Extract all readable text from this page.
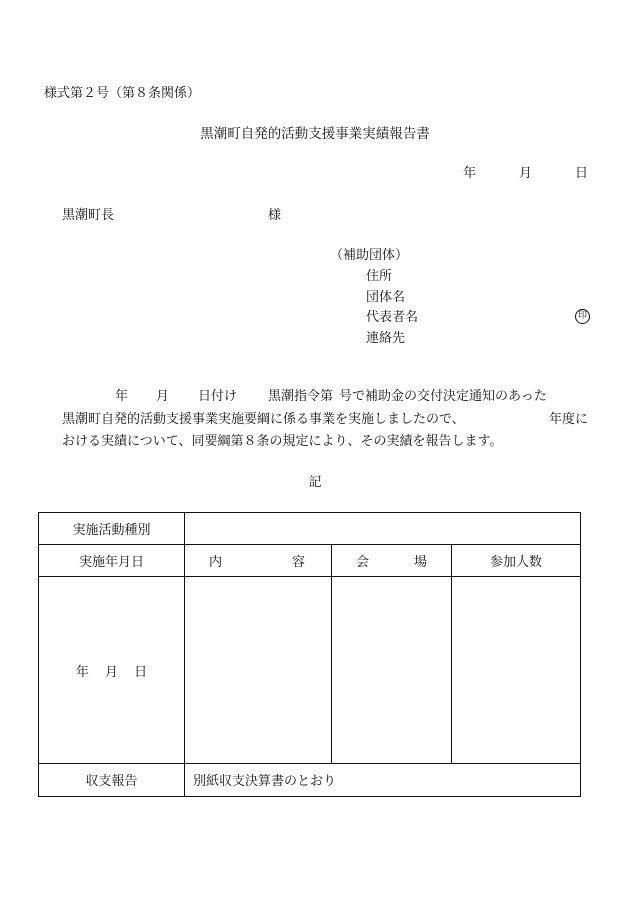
様式第２号（第８条関係）
黒潮町自発的活動支援事業実績報告書
年	月	日
黒潮町長	様
（補助団体）
住所
団体名
代表者名	印
連絡先
年 月 日付け 黒潮指令第 号で補助金の交付決定通知のあった
黒潮町自発的活動支援事業実施要綱に係る事業を実施しましたので、	年度に
おける実績について、同要綱第８条の規定により、その実績を報告します。
記
実施活動種別			
実施年月日	内 容	会 場	参加人数
年 月 日			
収支報告	別紙収支決算書のとおり		
